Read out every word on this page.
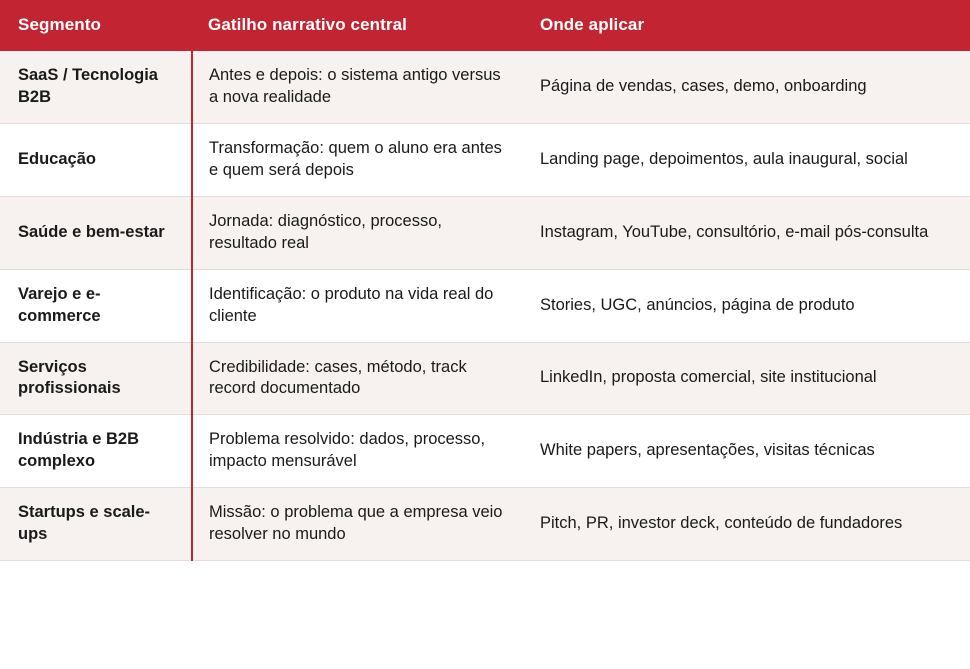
Segmento	Gatilho narrativo central	Onde aplicar
SaaS / Tecnologia B2B	Antes e depois: o sistema antigo versus a nova realidade	Página de vendas, cases, demo, onboarding
Educação	Transformação: quem o aluno era antes e quem será depois	Landing page, depoimentos, aula inaugural, social
Saúde e bem-estar	Jornada: diagnóstico, processo, resultado real	Instagram, YouTube, consultório, e-mail pós-consulta
Varejo e e-commerce	Identificação: o produto na vida real do cliente	Stories, UGC, anúncios, página de produto
Serviços profissionais	Credibilidade: cases, método, track record documentado	LinkedIn, proposta comercial, site institucional
Indústria e B2B complexo	Problema resolvido: dados, processo, impacto mensurável	White papers, apresentações, visitas técnicas
Startups e scale-ups	Missão: o problema que a empresa veio resolver no mundo	Pitch, PR, investor deck, conteúdo de fundadores
